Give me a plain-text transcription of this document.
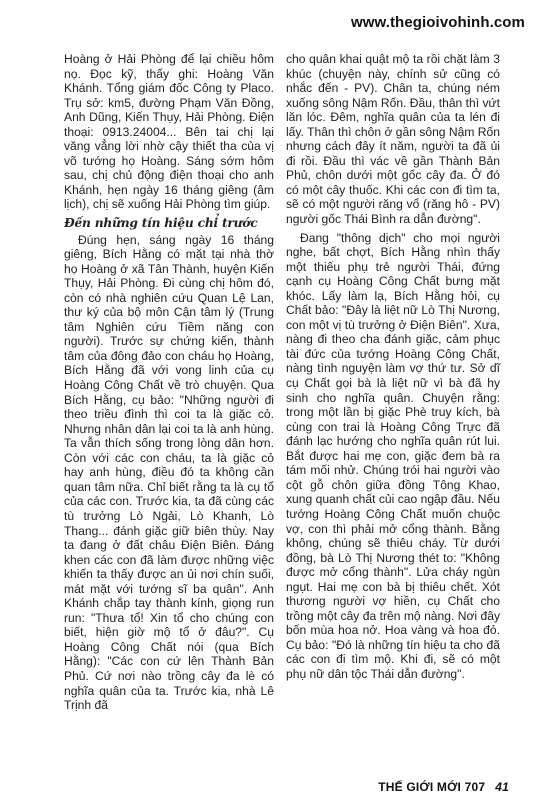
www.thegioivohinh.com

Hoàng ở Hải Phòng để lại chiều hôm nọ. Đọc kỹ, thấy ghi: Hoàng Văn Khánh. Tổng giám đốc Công ty Placo. Trụ sở: km5, đường Phạm Văn Đồng, Anh Dũng, Kiến Thụy, Hải Phòng. Điện thoại: 0913.24004... Bên tai chị lại văng vẳng lời nhờ cậy thiết tha của vị võ tướng họ Hoàng. Sáng sớm hôm sau, chị chủ động điện thoại cho anh Khánh, hẹn ngày 16 tháng giêng (âm lịch), chị sẽ xuống Hải Phòng tìm giúp.

Đến những tín hiệu chỉ trước

Đúng hẹn, sáng ngày 16 tháng giêng, Bích Hằng có mặt tại nhà thờ họ Hoàng ở xã Tân Thành, huyện Kiến Thụy, Hải Phòng. Đi cùng chị hôm đó, còn có nhà nghiên cứu Quan Lệ Lan, thư ký của bộ môn Cận tâm lý (Trung tâm Nghiên cứu Tiềm năng con người). Trước sự chứng kiến, thành tâm của đông đảo con cháu họ Hoàng, Bích Hằng đã với vong linh của cụ Hoàng Công Chất về trò chuyện. Qua Bích Hằng, cụ bảo: "Những người đi theo triều đình thì coi ta là giặc cỏ. Nhưng nhân dân lại coi ta là anh hùng. Ta vẫn thích sống trong lòng dân hơn. Còn với các con cháu, ta là giặc cỏ hay anh hùng, điều đó ta không cần quan tâm nữa. Chỉ biết rằng ta là cụ tổ của các con. Trước kia, ta đã cùng các tù trưởng Lò Ngải, Lò Khanh, Lò Thang... đánh giặc giữ biên thùy. Nay ta đang ở đất châu Điện Biên. Đáng khen các con đã làm được những việc khiến ta thấy được an ủi nơi chín suối, mát mặt với tướng sĩ ba quân". Anh Khánh chắp tay thành kính, giọng run run: "Thưa tổ! Xin tổ cho chúng con biết, hiện giờ mộ tổ ở đâu?". Cụ Hoàng Công Chất nói (qua Bích Hằng): "Các con cứ lên Thành Bản Phủ. Cứ nơi nào trồng cây đa lè có nghĩa quân của ta. Trước kia, nhà Lê Trịnh đã

cho quân khai quật mộ ta rồi chặt làm 3 khúc (chuyện này, chính sử cũng có nhắc đến - PV). Chân ta, chúng ném xuống sông Nậm Rốn. Đầu, thân thì vứt lăn lóc. Đêm, nghĩa quân của ta lén đi lấy. Thân thì chôn ở gần sông Nậm Rốn nhưng cách đây ít năm, người ta đã ủi đi rồi. Đầu thì vác về gần Thành Bản Phủ, chôn dưới một gốc cây đa. Ở đó có một cây thuốc. Khi các con đi tìm ta, sẽ có một người răng vổ (răng hô - PV) người gốc Thái Bình ra dẫn đường".

Đang "thông dịch" cho mọi người nghe, bất chợt, Bích Hằng nhìn thấy một thiếu phụ trẻ người Thái, đứng cạnh cụ Hoàng Công Chất bưng mặt khóc. Lấy làm lạ, Bích Hằng hỏi, cụ Chất bảo: "Đây là liệt nữ Lò Thị Nương, con một vị tù trưởng ở Điện Biên". Xưa, nàng đi theo cha đánh giặc, cảm phục tài đức của tướng Hoàng Công Chất, nàng tình nguyện làm vợ thứ tư. Sở dĩ cụ Chất gọi bà là liệt nữ vì bà đã hy sinh cho nghĩa quân. Chuyện rằng: trong một lần bị giặc Phè truy kích, bà cùng con trai là Hoàng Công Trực đã đánh lạc hướng cho nghĩa quân rút lui. Bắt được hai mẹ con, giặc đem bà ra tám mối nhử. Chúng trói hai người vào cột gỗ chôn giữa đồng Tông Khao, xung quanh chất củi cao ngập đầu. Nếu tướng Hoàng Công Chất muốn chuộc vợ, con thì phải mở cổng thành. Bằng không, chúng sẽ thiêu cháy. Từ dưới đồng, bà Lò Thị Nương thét to: "Không được mở cổng thành". Lửa cháy ngùn ngụt. Hai mẹ con bà bị thiêu chết. Xót thương người vợ hiền, cụ Chất cho trồng một cây đa trên mộ nàng. Nơi đây bốn mùa hoa nở. Hoa vàng và hoa đỏ. Cụ bảo: "Đó là những tín hiệu ta cho đã các con đi tìm mộ. Khi đi, sẽ có một phụ nữ dân tộc Thái dẫn đường".

THẾ GIỚI MỚI 707 41
